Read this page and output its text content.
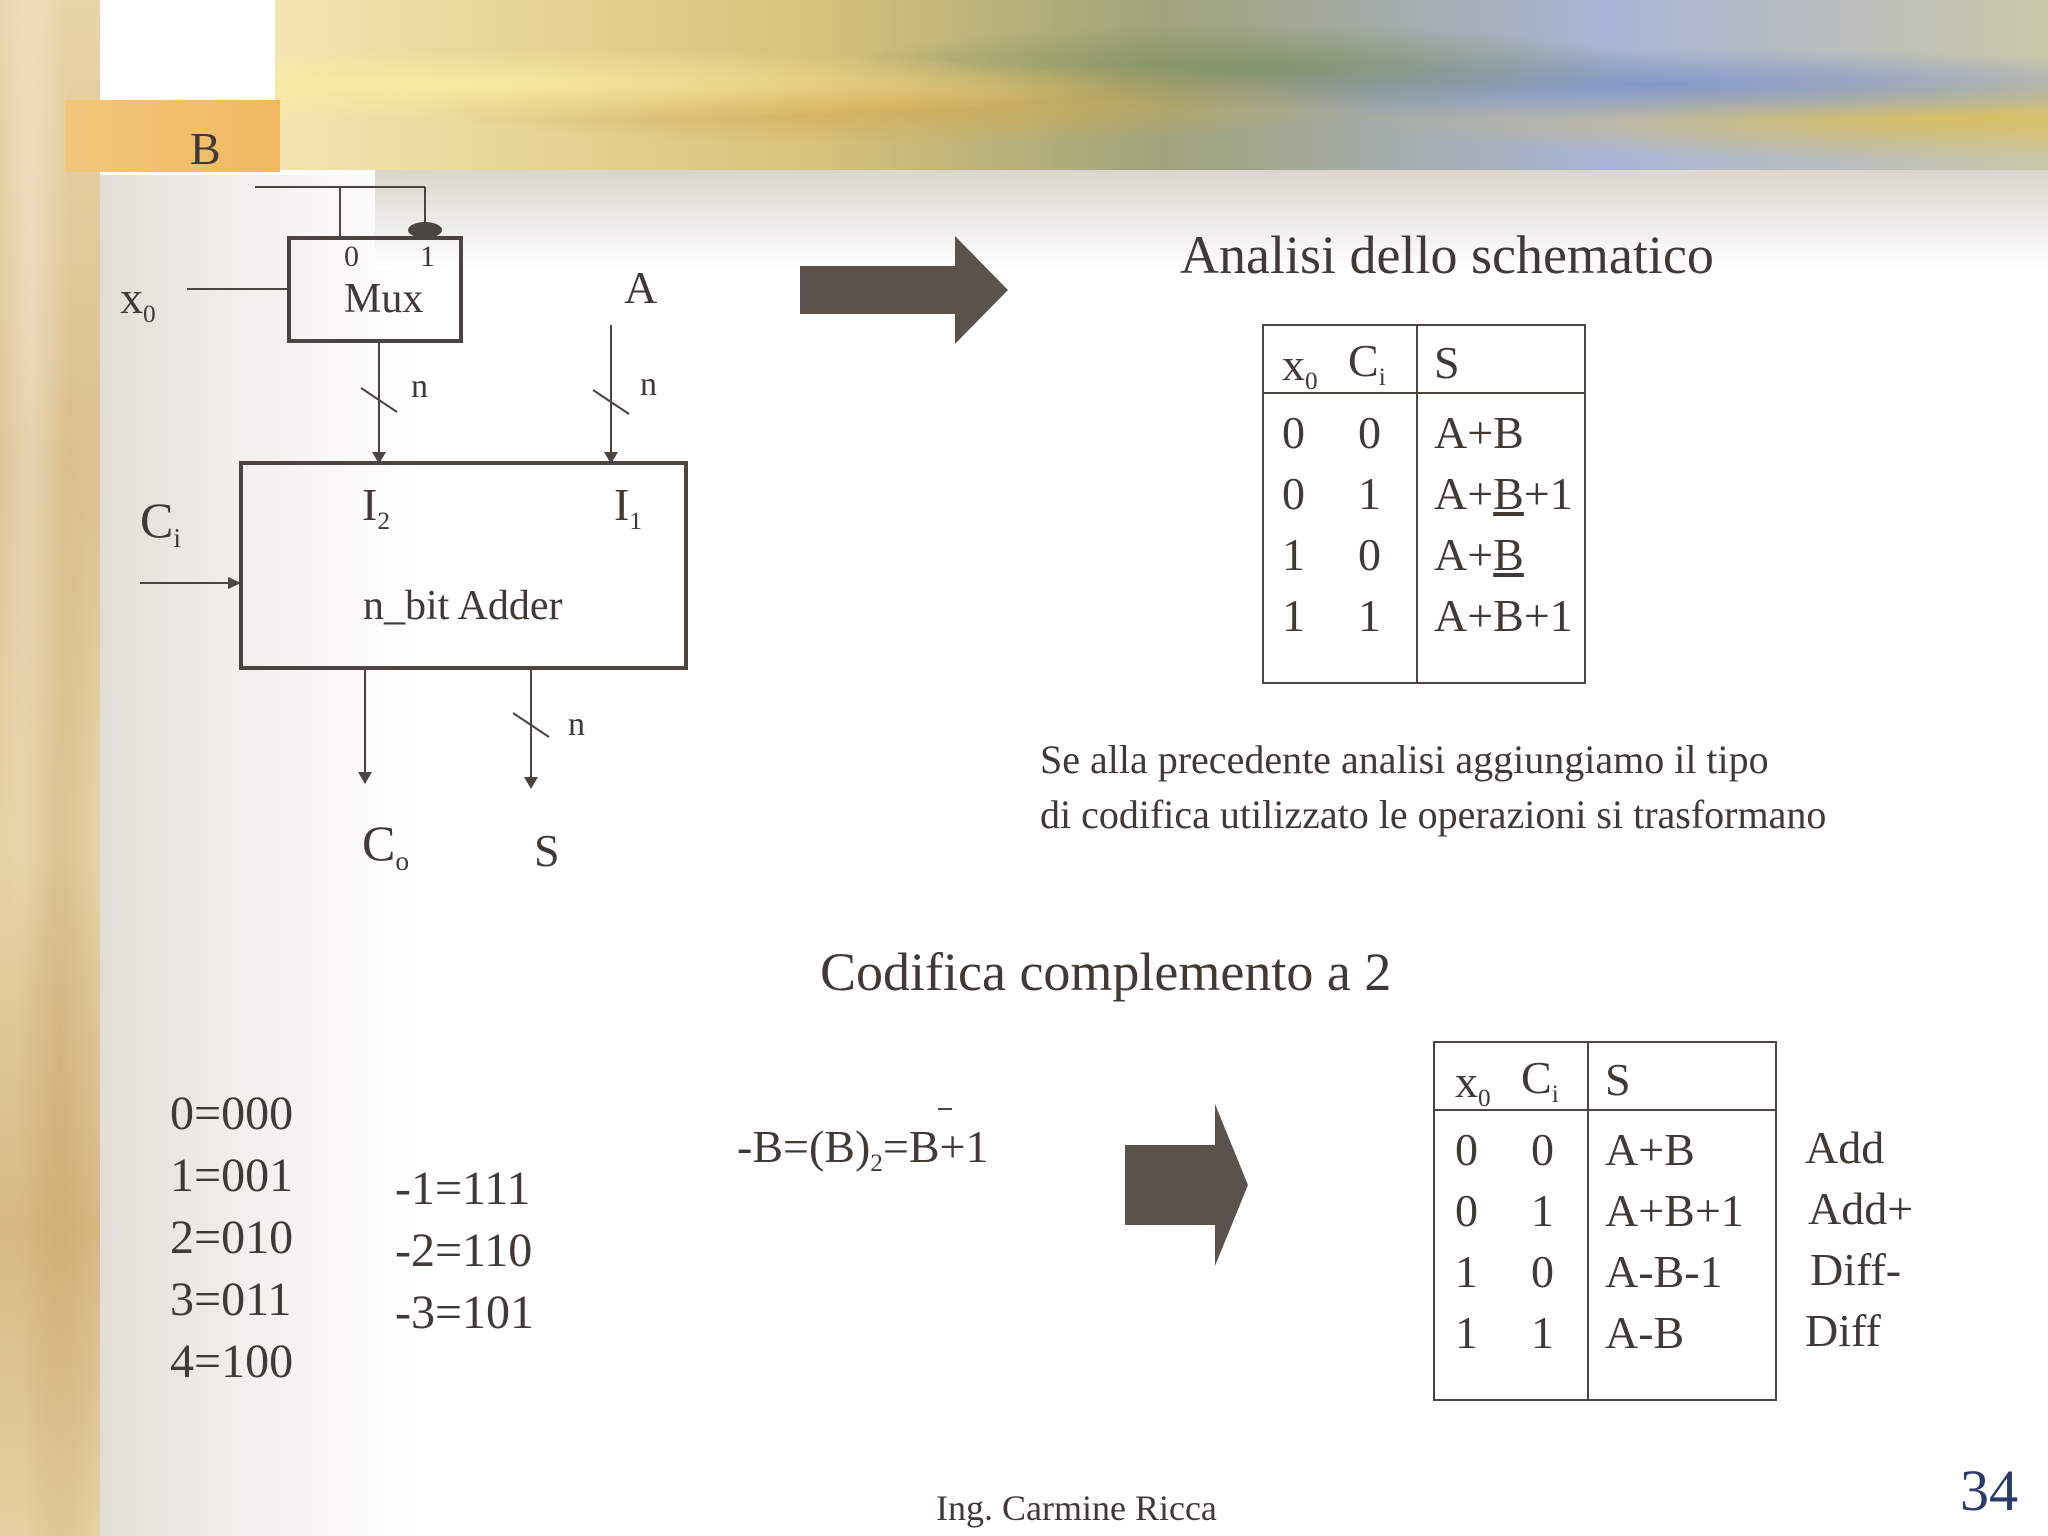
B
0 1
Mux
x0
A
n	n
Ci
I2	I1
n_bit Adder
n
Co	S
Analisi dello schematico
x0 Ci S
0 0 A+B
0 1 A+B+1
1 0 A+B
1 1 A+B+1
Se alla precedente analisi aggiungiamo il tipo
di codifica utilizzato le operazioni si trasformano
Codifica complemento a 2
0=000
1=001
2=010
3=011
4=100
-1=111
-2=110
-3=101
-B=(B)2=B+1
x0 Ci S
0 0 A+B
0 1 A+B+1
1 0 A-B-1
1 1 A-B
Add
Add+
Diff-
Diff
Ing. Carmine Ricca	34
